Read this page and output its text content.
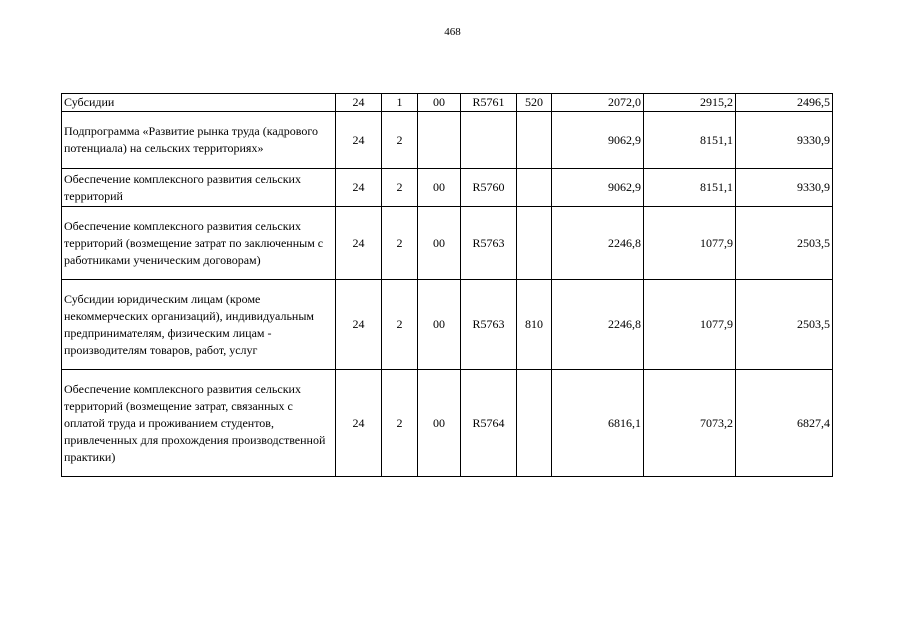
468
Субсидии	24	1	00	R5761	520	2072,0	2915,2	2496,5
Подпрограмма «Развитие рынка труда (кадрового потенциала) на сельских территориях»	24	2				9062,9	8151,1	9330,9
Обеспечение комплексного развития сельских территорий	24	2	00	R5760		9062,9	8151,1	9330,9
Обеспечение комплексного развития сельских территорий (возмещение затрат по заключенным с работниками ученическим договорам)	24	2	00	R5763		2246,8	1077,9	2503,5
Субсидии юридическим лицам (кроме некоммерческих организаций), индивидуальным предпринимателям, физическим лицам - производителям товаров, работ, услуг	24	2	00	R5763	810	2246,8	1077,9	2503,5
Обеспечение комплексного развития сельских территорий (возмещение затрат, связанных с оплатой труда и проживанием студентов, привлеченных для прохождения производственной практики)	24	2	00	R5764		6816,1	7073,2	6827,4
